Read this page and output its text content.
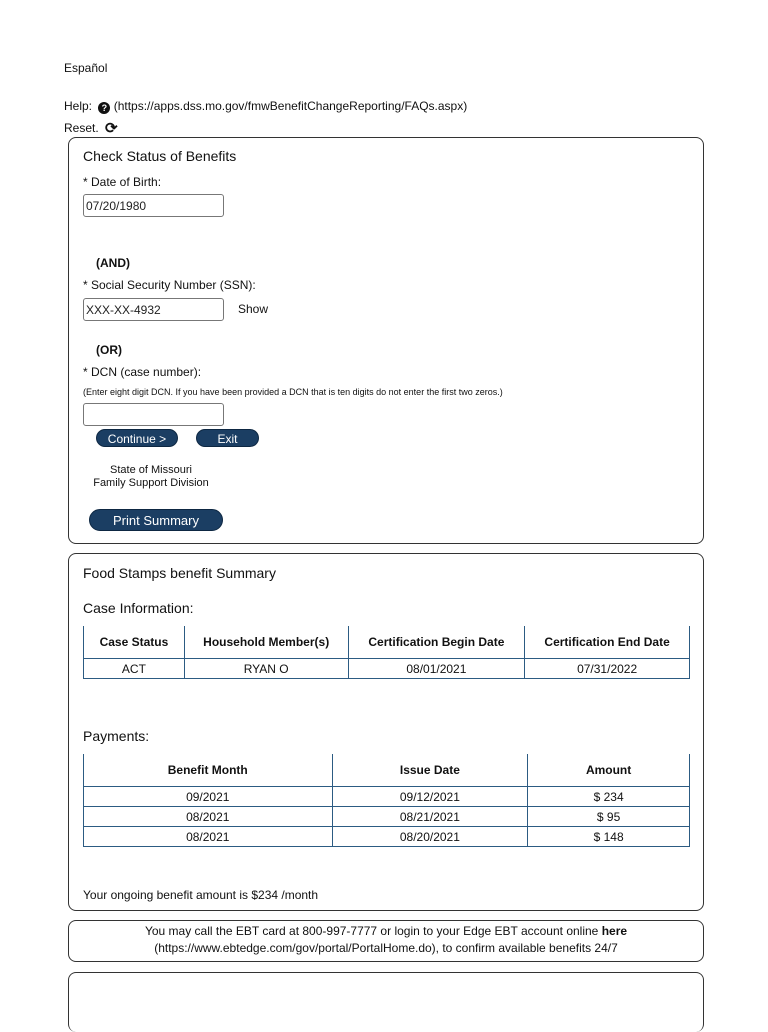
Español
Help: ? (https://apps.dss.mo.gov/fmwBenefitChangeReporting/FAQs.aspx)
Reset. ⟳
Check Status of Benefits
* Date of Birth:
07/20/1980
(AND)
* Social Security Number (SSN):
XXX-XX-4932
Show
(OR)
* DCN (case number):
(Enter eight digit DCN. If you have been provided a DCN that is ten digits do not enter the first two zeros.)
Continue >	Exit
State of Missouri
Family Support Division
Print Summary
Food Stamps benefit Summary
Case Information:
Case Status	Household Member(s)	Certification Begin Date	Certification End Date
ACT	RYAN O	08/01/2021	07/31/2022
Payments:
Benefit Month	Issue Date	Amount
09/2021	09/12/2021	$ 234
08/2021	08/21/2021	$ 95
08/2021	08/20/2021	$ 148
Your ongoing benefit amount is $234 /month
You may call the EBT card at 800-997-7777 or login to your Edge EBT account online here
(https://www.ebtedge.com/gov/portal/PortalHome.do), to confirm available benefits 24/7
